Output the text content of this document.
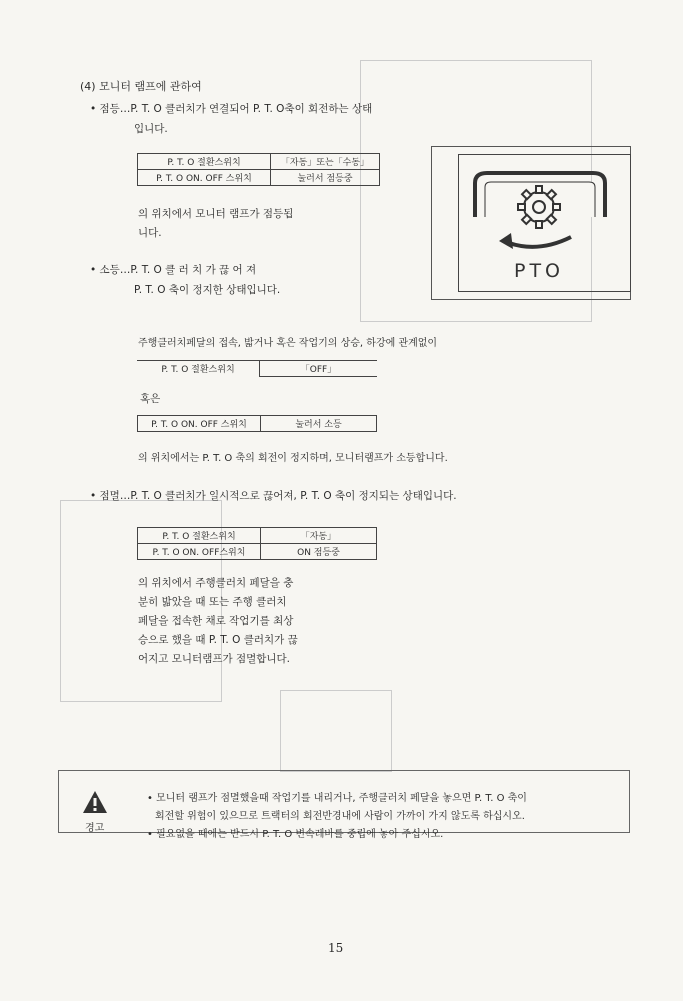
(4) 모니터 램프에 관하여
• 점등…P. T. O 클러치가 연결되어 P. T. O축이 회전하는 상태
입니다.
P. T. O 절환스위치	「자동」또는「수동」
P. T. O ON. OFF 스위치	눌러서 점등중
의 위치에서 모니터 램프가 점등됩니다.
PTO
• 소등…P. T. O 클 러 치 가 끊 어 져
P. T. O 축이 정지한 상태입니다.
주행클러치페달의 접속, 밟거나 혹은 작업기의 상승, 하강에 관계없이
P. T. O 절환스위치	「OFF」
혹은
P. T. O ON. OFF 스위치	눌러서 소등
의 위치에서는 P. T. O 축의 회전이 정지하며, 모니터램프가 소등합니다.
• 점멸…P. T. O 클러치가 일시적으로 끊어져, P. T. O 축이 정지되는 상태입니다.
P. T. O 절환스위치	「자동」
P. T. O ON. OFF스위치	ON 점등중
의 위치에서 주행클러치 페달을 충분히 밟았을 때 또는 주행 클러치 페달을 접속한 채로 작업기를 최상승으로 했을 때 P. T. O 클러치가 끊어지고 모니터램프가 점멸합니다.
경고
• 모니터 램프가 점멸했을때 작업기를 내리거나, 주행클러치 페달을 놓으면 P. T. O 축이
회전할 위험이 있으므로 트랙터의 회전반경내에 사람이 가까이 가지 않도록 하십시오.
• 필요없을 때에는 반드시 P. T. O 변속레바를 중립에 놓아 주십시오.
15
